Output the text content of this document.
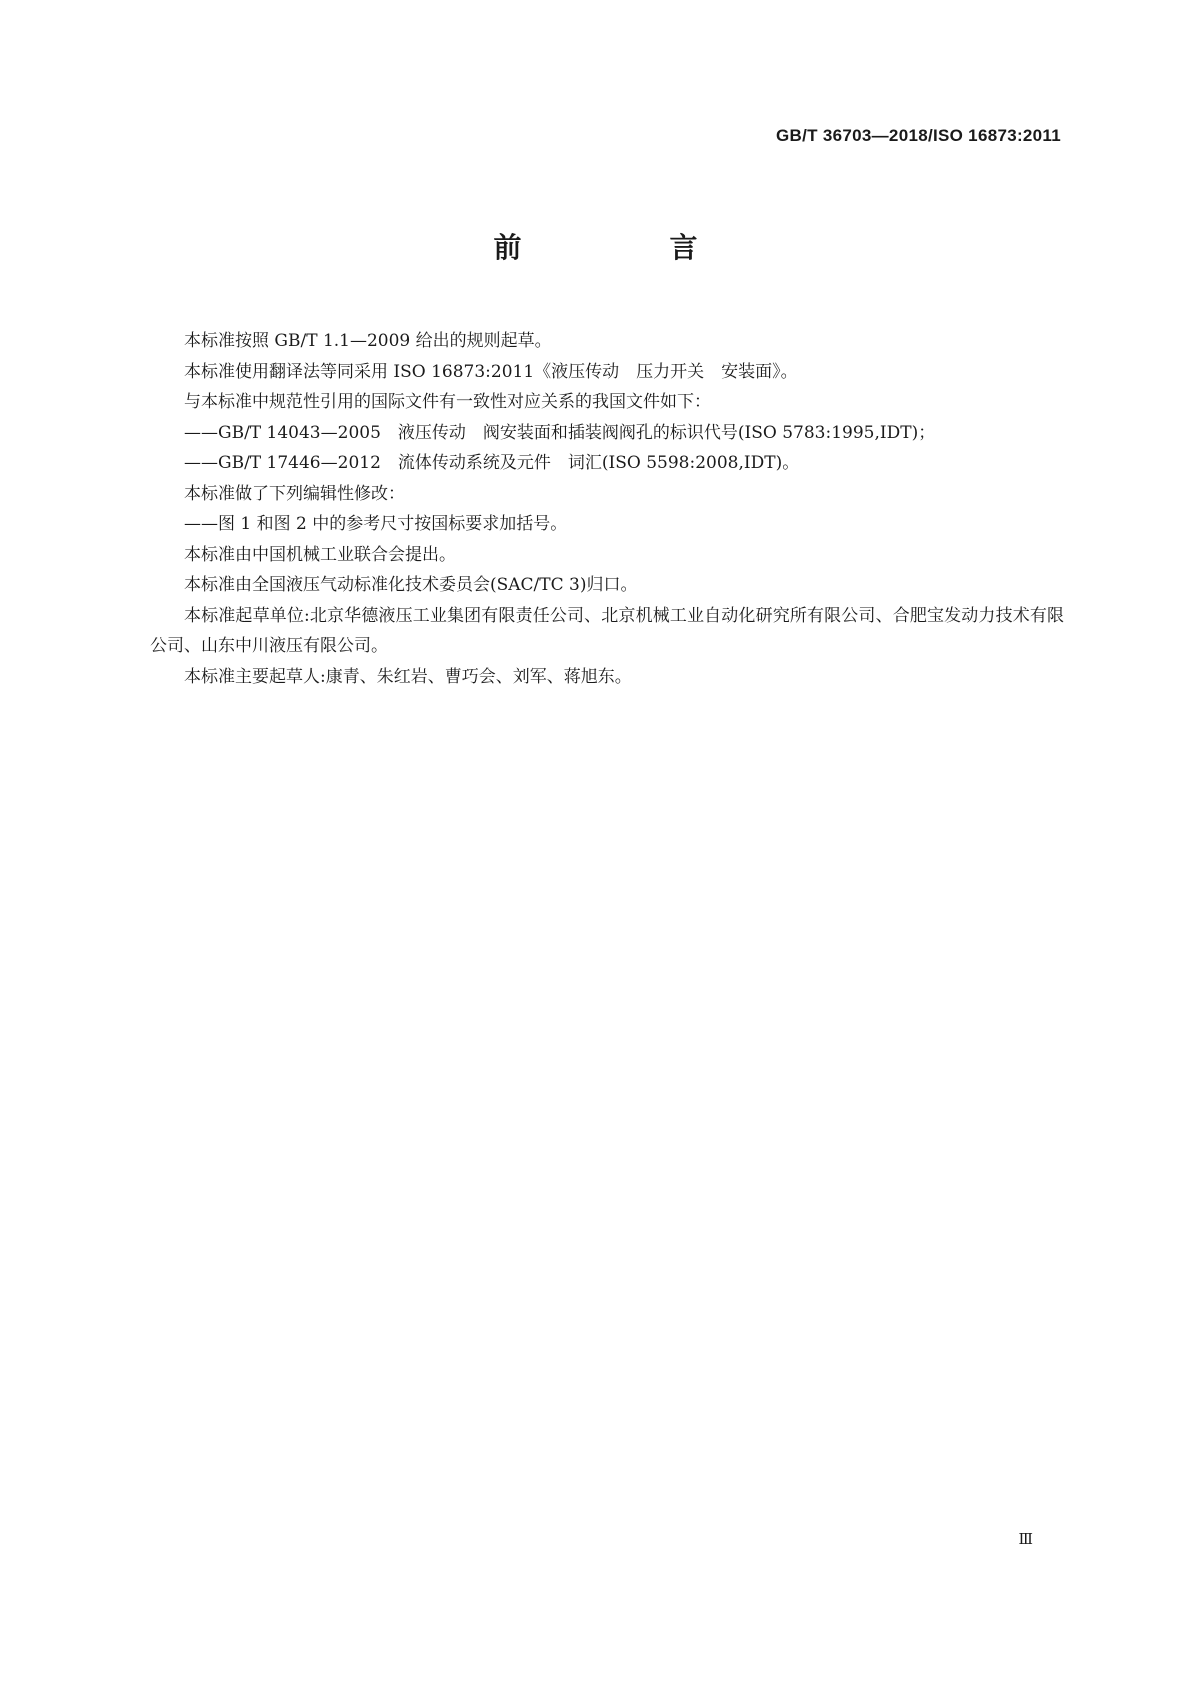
GB/T 36703—2018/ISO 16873:2011
前　言

本标准按照 GB/T 1.1—2009 给出的规则起草。

本标准使用翻译法等同采用 ISO 16873:2011《液压传动　压力开关　安装面》。

与本标准中规范性引用的国际文件有一致性对应关系的我国文件如下：

——GB/T 14043—2005　液压传动　阀安装面和插装阀阀孔的标识代号(ISO 5783:1995,IDT)；

——GB/T 17446—2012　流体传动系统及元件　词汇(ISO 5598:2008,IDT)。

本标准做了下列编辑性修改：

——图 1 和图 2 中的参考尺寸按国标要求加括号。

本标准由中国机械工业联合会提出。

本标准由全国液压气动标准化技术委员会(SAC/TC 3)归口。

本标准起草单位:北京华德液压工业集团有限责任公司、北京机械工业自动化研究所有限公司、合肥宝发动力技术有限公司、山东中川液压有限公司。

本标准主要起草人:康青、朱红岩、曹巧会、刘军、蒋旭东。

Ⅲ
